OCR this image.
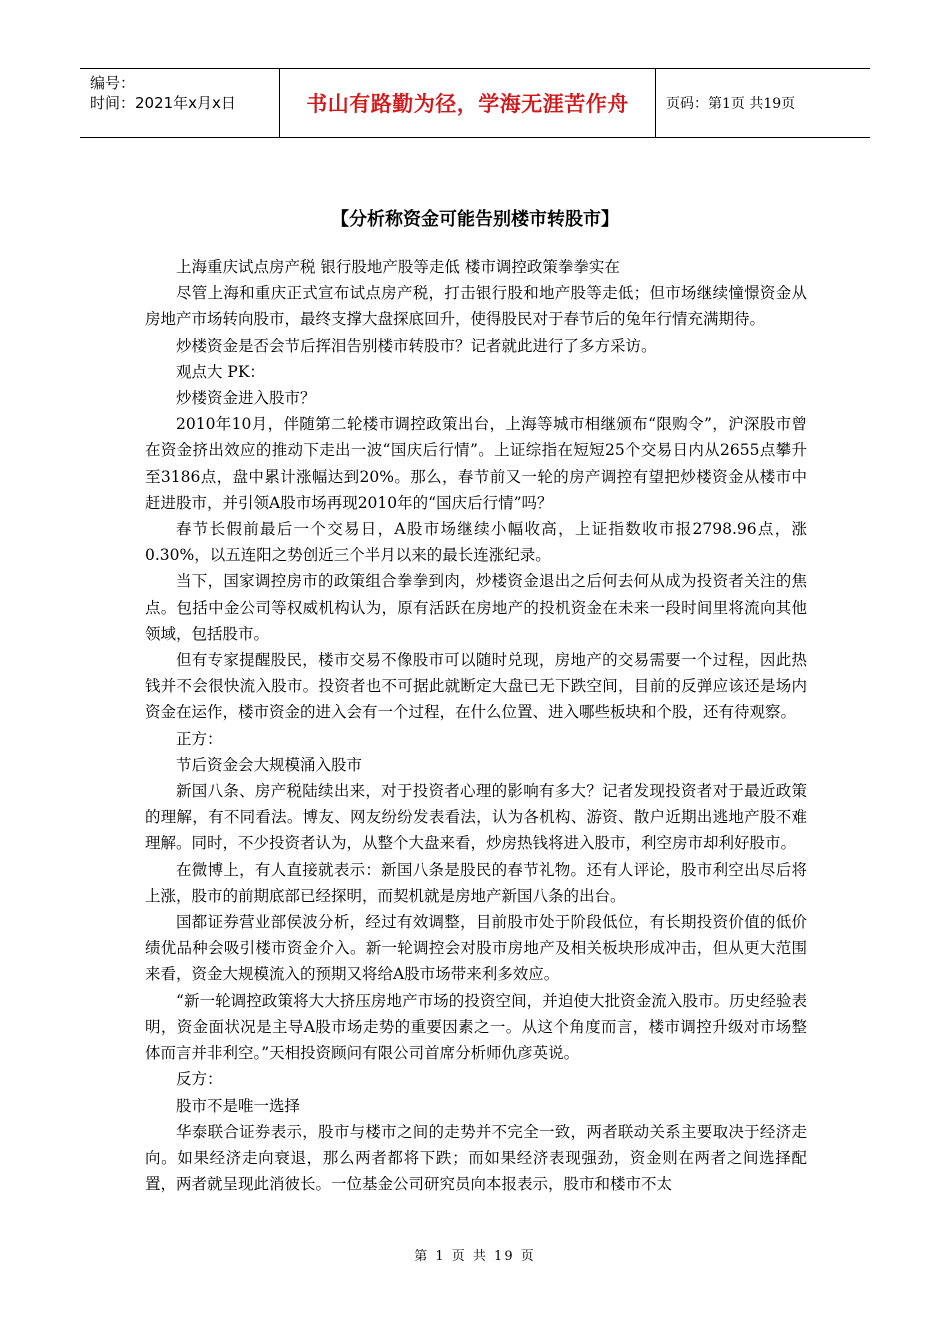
编号：
时间：2021年x月x日	书山有路勤为径，学海无涯苦作舟	页码：第1页 共19页
【分析称资金可能告别楼市转股市】

上海重庆试点房产税 银行股地产股等走低 楼市调控政策拳拳实在

尽管上海和重庆正式宣布试点房产税，打击银行股和地产股等走低；但市场继续憧憬资金从房地产市场转向股市，最终支撑大盘探底回升，使得股民对于春节后的兔年行情充满期待。

炒楼资金是否会节后挥泪告别楼市转股市？记者就此进行了多方采访。

观点大 PK：

炒楼资金进入股市？

2010年10月，伴随第二轮楼市调控政策出台，上海等城市相继颁布“限购令”，沪深股市曾在资金挤出效应的推动下走出一波“国庆后行情”。上证综指在短短25个交易日内从2655点攀升至3186点，盘中累计涨幅达到20%。那么，春节前又一轮的房产调控有望把炒楼资金从楼市中赶进股市，并引领A股市场再现2010年的“国庆后行情”吗？

春节长假前最后一个交易日，A股市场继续小幅收高，上证指数收市报2798.96点，涨0.30%，以五连阳之势创近三个半月以来的最长连涨纪录。

当下，国家调控房市的政策组合拳拳到肉，炒楼资金退出之后何去何从成为投资者关注的焦点。包括中金公司等权威机构认为，原有活跃在房地产的投机资金在未来一段时间里将流向其他领域，包括股市。

但有专家提醒股民，楼市交易不像股市可以随时兑现，房地产的交易需要一个过程，因此热钱并不会很快流入股市。投资者也不可据此就断定大盘已无下跌空间，目前的反弹应该还是场内资金在运作，楼市资金的进入会有一个过程，在什么位置、进入哪些板块和个股，还有待观察。

正方：

节后资金会大规模涌入股市

新国八条、房产税陆续出来，对于投资者心理的影响有多大？记者发现投资者对于最近政策的理解，有不同看法。博友、网友纷纷发表看法，认为各机构、游资、散户近期出逃地产股不难理解。同时，不少投资者认为，从整个大盘来看，炒房热钱将进入股市，利空房市却利好股市。

在微博上，有人直接就表示：新国八条是股民的春节礼物。还有人评论，股市利空出尽后将上涨，股市的前期底部已经探明，而契机就是房地产新国八条的出台。

国都证券营业部侯波分析，经过有效调整，目前股市处于阶段低位，有长期投资价值的低价绩优品种会吸引楼市资金介入。新一轮调控会对股市房地产及相关板块形成冲击，但从更大范围来看，资金大规模流入的预期又将给A股市场带来利多效应。

“新一轮调控政策将大大挤压房地产市场的投资空间，并迫使大批资金流入股市。历史经验表明，资金面状况是主导A股市场走势的重要因素之一。从这个角度而言，楼市调控升级对市场整体而言并非利空。”天相投资顾问有限公司首席分析师仇彦英说。

反方：

股市不是唯一选择

华泰联合证券表示，股市与楼市之间的走势并不完全一致，两者联动关系主要取决于经济走向。如果经济走向衰退，那么两者都将下跌；而如果经济表现强劲，资金则在两者之间选择配置，两者就呈现此消彼长。一位基金公司研究员向本报表示，股市和楼市不太

第 1 页 共 19 页
